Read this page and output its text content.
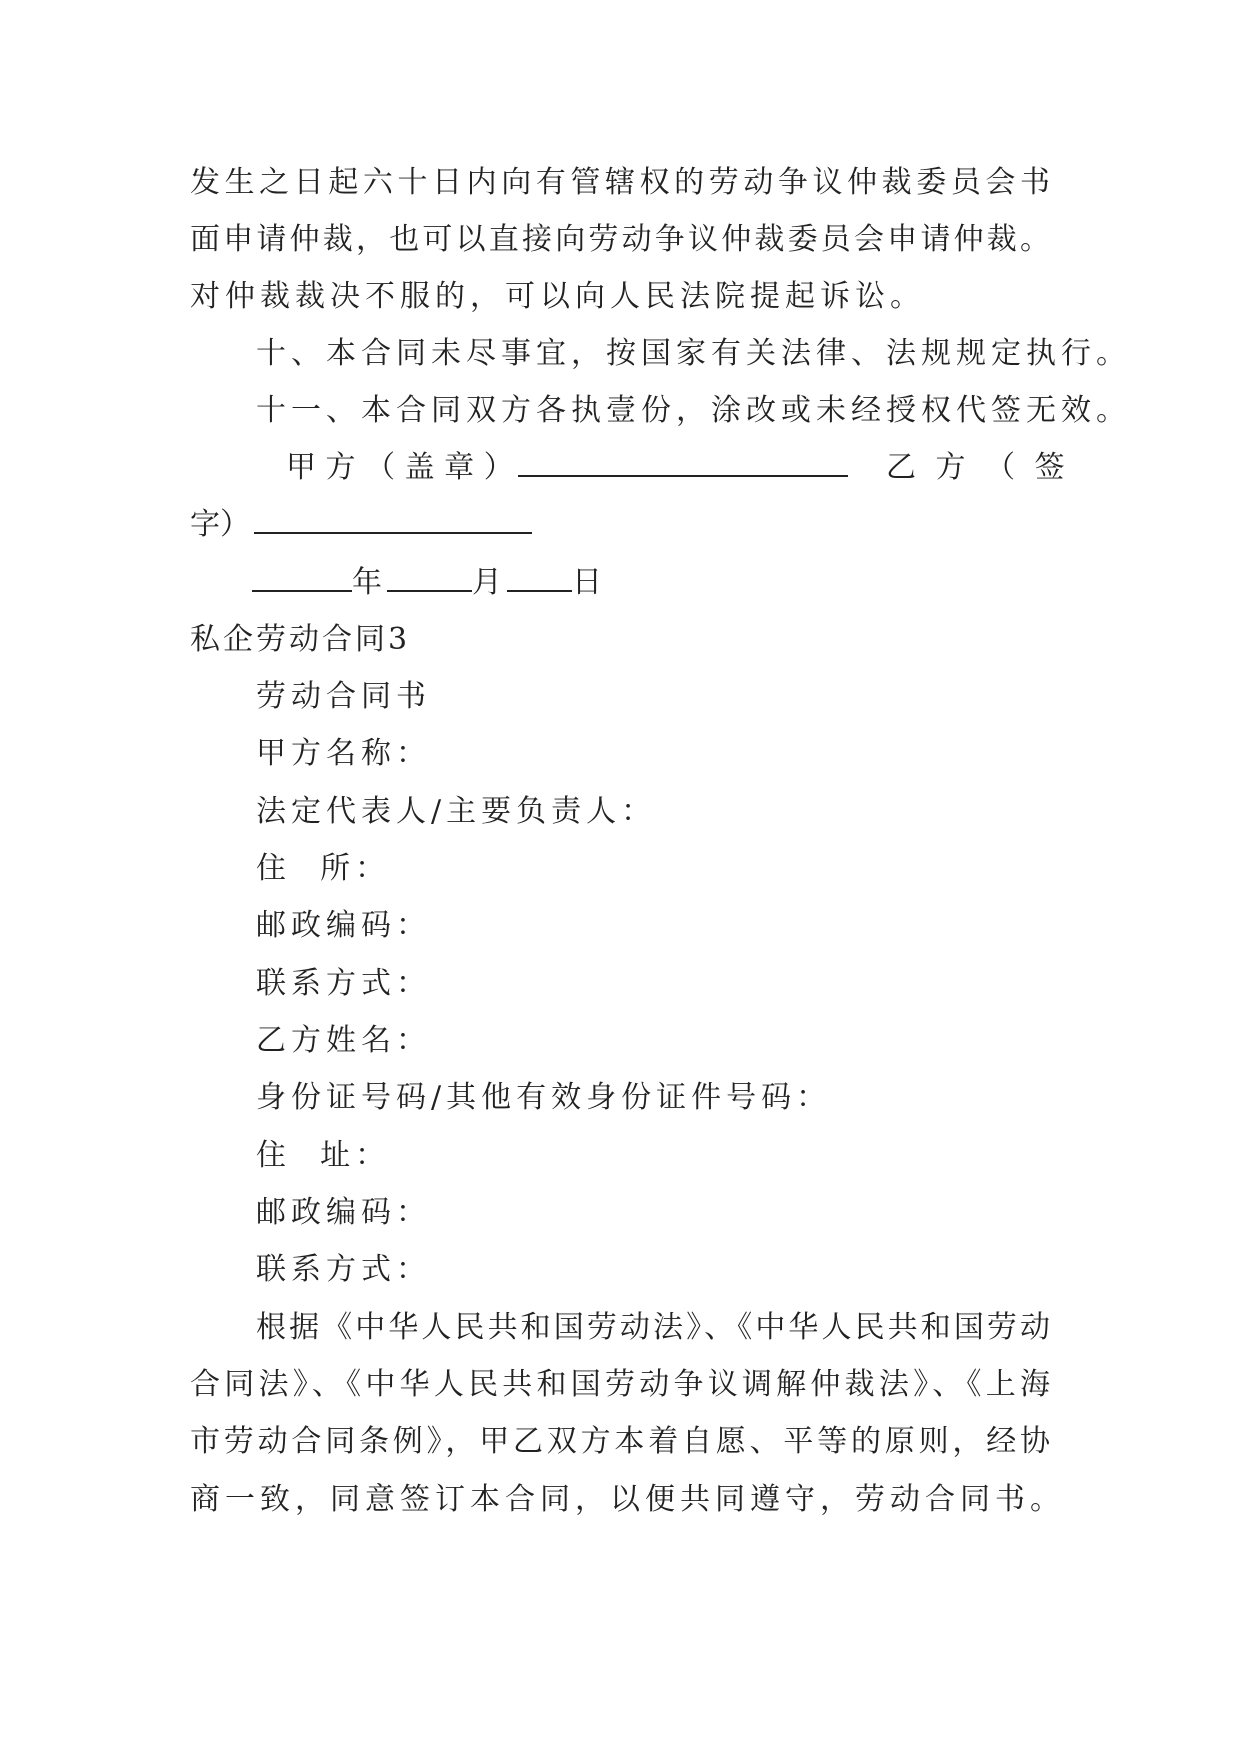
发生之日起六十日内向有管辖权的劳动争议仲裁委员会书
面申请仲裁，也可以直接向劳动争议仲裁委员会申请仲裁。
对仲裁裁决不服的，可以向人民法院提起诉讼。
十、本合同未尽事宜，按国家有关法律、法规规定执行。
十一、本合同双方各执壹份，涂改或未经授权代签无效。
甲 方 （ 盖 章 ）	乙 方 （ 签
字）
年	月 日
私企劳动合同3
劳动合同书
甲方名称：
法定代表人/主要负责人：
住  所：
邮政编码：
联系方式：
乙方姓名：
身份证号码/其他有效身份证件号码：
住  址：
邮政编码：
联系方式：
根据《中华人民共和国劳动法》、《中华人民共和国劳动
合同法》、《中华人民共和国劳动争议调解仲裁法》、《上海
市劳动合同条例》，甲乙双方本着自愿、平等的原则，经协
商一致，同意签订本合同，以便共同遵守，劳动合同书。
